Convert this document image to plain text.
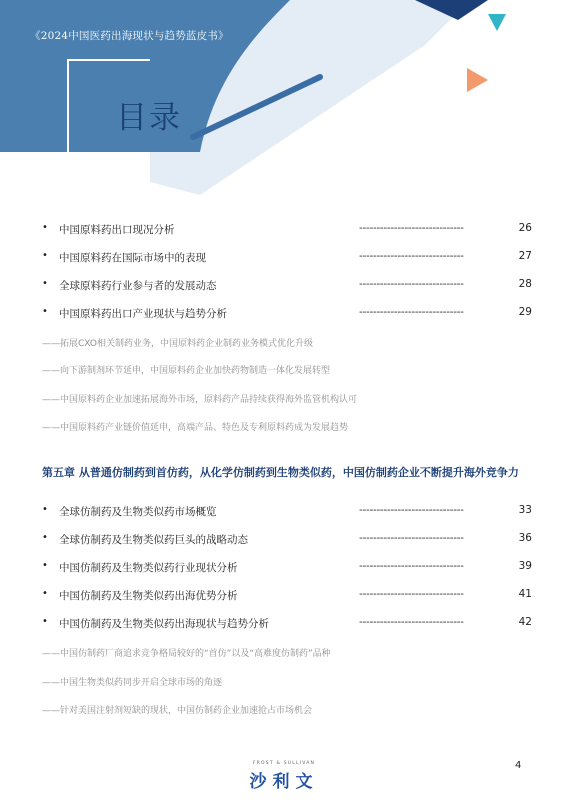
《2024中国医药出海现状与趋势蓝皮书》
目录
• 中国原料药出口现况分析	------------------------------	26
• 中国原料药在国际市场中的表现	------------------------------	27
• 全球原料药行业参与者的发展动态	------------------------------	28
• 中国原料药出口产业现状与趋势分析	------------------------------	29
——拓展CXO相关制药业务，中国原料药企业制药业务模式优化升级
——向下游制剂环节延申，中国原料药企业加快药物制造一体化发展转型
——中国原料药企业加速拓展海外市场，原料药产品持续获得海外监管机构认可
——中国原料药产业链价值延申，高端产品、特色及专利原料药成为发展趋势
第五章 从普通仿制药到首仿药，从化学仿制药到生物类似药，中国仿制药企业不断提升海外竞争力
• 全球仿制药及生物类似药市场概览	------------------------------	33
• 全球仿制药及生物类似药巨头的战略动态	------------------------------	36
• 中国仿制药及生物类似药行业现状分析	------------------------------	39
• 中国仿制药及生物类似药出海优势分析	------------------------------	41
• 中国仿制药及生物类似药出海现状与趋势分析	------------------------------	42
——中国仿制药厂商追求竞争格局较好的“首仿”以及“高难度仿制药”品种
——中国生物类似药同步开启全球市场的角逐
——针对美国注射剂短缺的现状，中国仿制药企业加速抢占市场机会
FROST & SULLIVAN
沙利文
4
